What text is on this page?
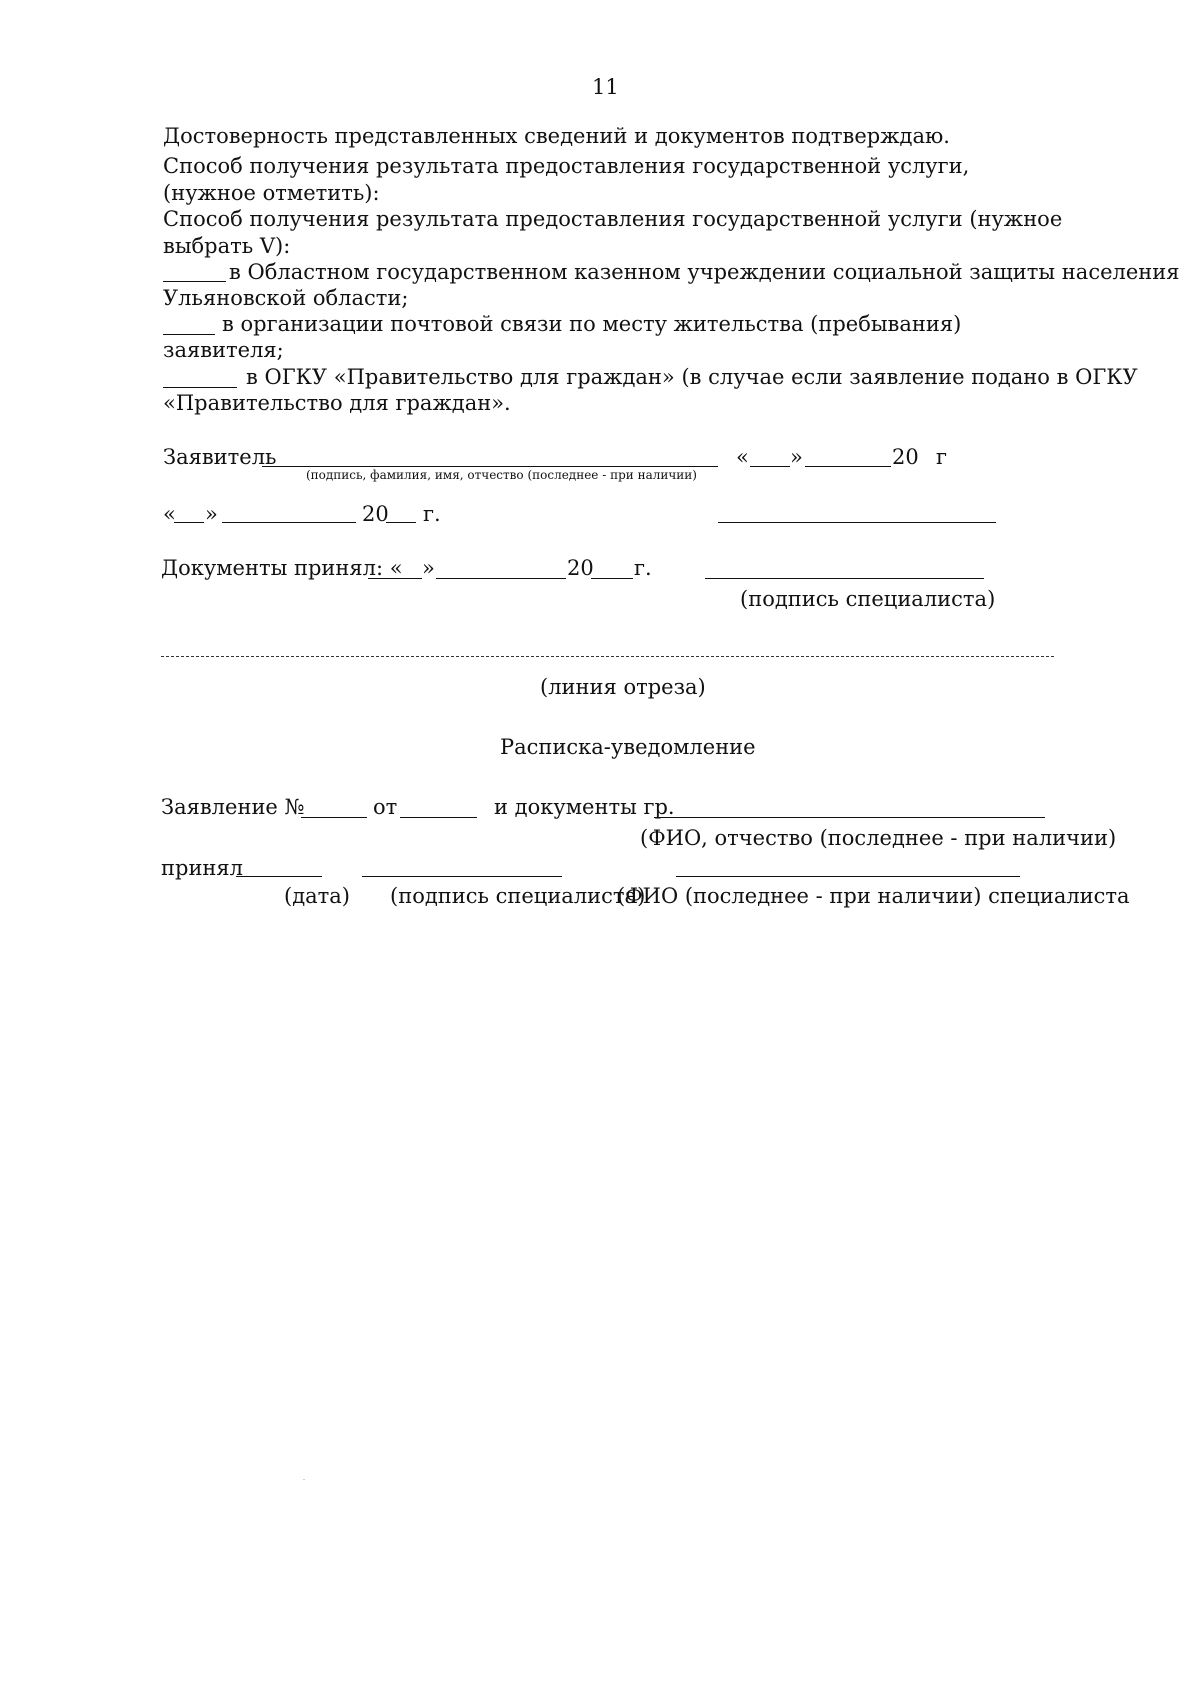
11
Достоверность представленных сведений и документов подтверждаю.
Способ получения результата предоставления государственной услуги,
(нужное отметить):
Способ получения результата предоставления государственной услуги (нужное
выбрать V):
в Областном государственном казенном учреждении социальной защиты населения
Ульяновской области;
в организации почтовой связи по месту жительства (пребывания)
заявителя;
в ОГКУ «Правительство для граждан» (в случае если заявление подано в ОГКУ
«Правительство для граждан».
Заявитель
(подпись, фамилия, имя, отчество (последнее - при наличии)
« »	20 г
« »	20 г.
Документы принял: « »	20 г.
(подпись специалиста)
(линия отреза)
Расписка-уведомление
Заявление №	от	и документы гр.
(ФИО, отчество (последнее - при наличии)
принял
(дата) (подпись специалиста)
(ФИО (последнее - при наличии) специалиста
